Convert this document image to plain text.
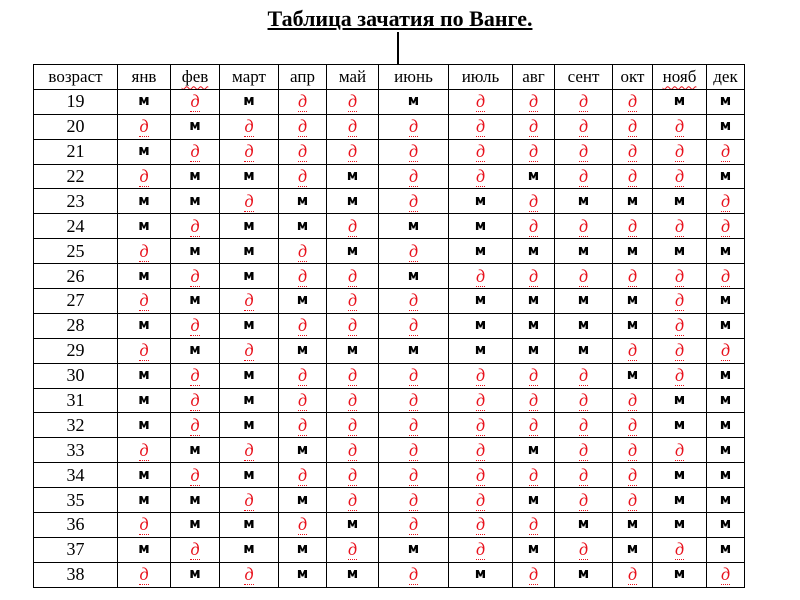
Таблица зачатия по Ванге.
возраст	янв	фев	март	апр	май	июнь	июль	авг	сент	окт	нояб	дек
19	м	д	м	д	д	м	д	д	д	д	м	м
20	д	м	д	д	д	д	д	д	д	д	д	м
21	м	д	д	д	д	д	д	д	д	д	д	д
22	д	м	м	д	м	д	д	м	д	д	д	м
23	м	м	д	м	м	д	м	д	м	м	м	д
24	м	д	м	м	д	м	м	д	д	д	д	д
25	д	м	м	д	м	д	м	м	м	м	м	м
26	м	д	м	д	д	м	д	д	д	д	д	д
27	д	м	д	м	д	д	м	м	м	м	д	м
28	м	д	м	д	д	д	м	м	м	м	д	м
29	д	м	д	м	м	м	м	м	м	д	д	д
30	м	д	м	д	д	д	д	д	д	м	д	м
31	м	д	м	д	д	д	д	д	д	д	м	м
32	м	д	м	д	д	д	д	д	д	д	м	м
33	д	м	д	м	д	д	д	м	д	д	д	м
34	м	д	м	д	д	д	д	д	д	д	м	м
35	м	м	д	м	д	д	д	м	д	д	м	м
36	д	м	м	д	м	д	д	д	м	м	м	м
37	м	д	м	м	д	м	д	м	д	м	д	м
38	д	м	д	м	м	д	м	д	м	д	м	д
